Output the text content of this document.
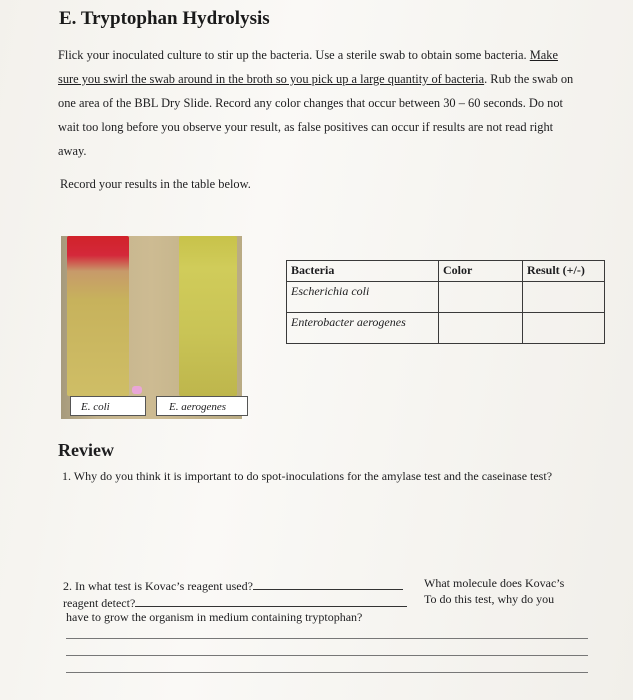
E. Tryptophan Hydrolysis

Flick your inoculated culture to stir up the bacteria. Use a sterile swab to obtain some bacteria. Make sure you swirl the swab around in the broth so you pick up a large quantity of bacteria. Rub the swab on one area of the BBL Dry Slide. Record any color changes that occur between 30 – 60 seconds. Do not wait too long before you observe your result, as false positives can occur if results are not read right away.

Record your results in the table below.

E. coli	E. aerogenes
Bacteria	Color	Result (+/-)
Escherichia coli		
Enterobacter aerogenes		
Review

1. Why do you think it is important to do spot-inoculations for the amylase test and the caseinase test?

2. In what test is Kovac’s reagent used?
reagent detect?

What molecule does Kovac’s
To do this test, why do you

have to grow the organism in medium containing tryptophan?
